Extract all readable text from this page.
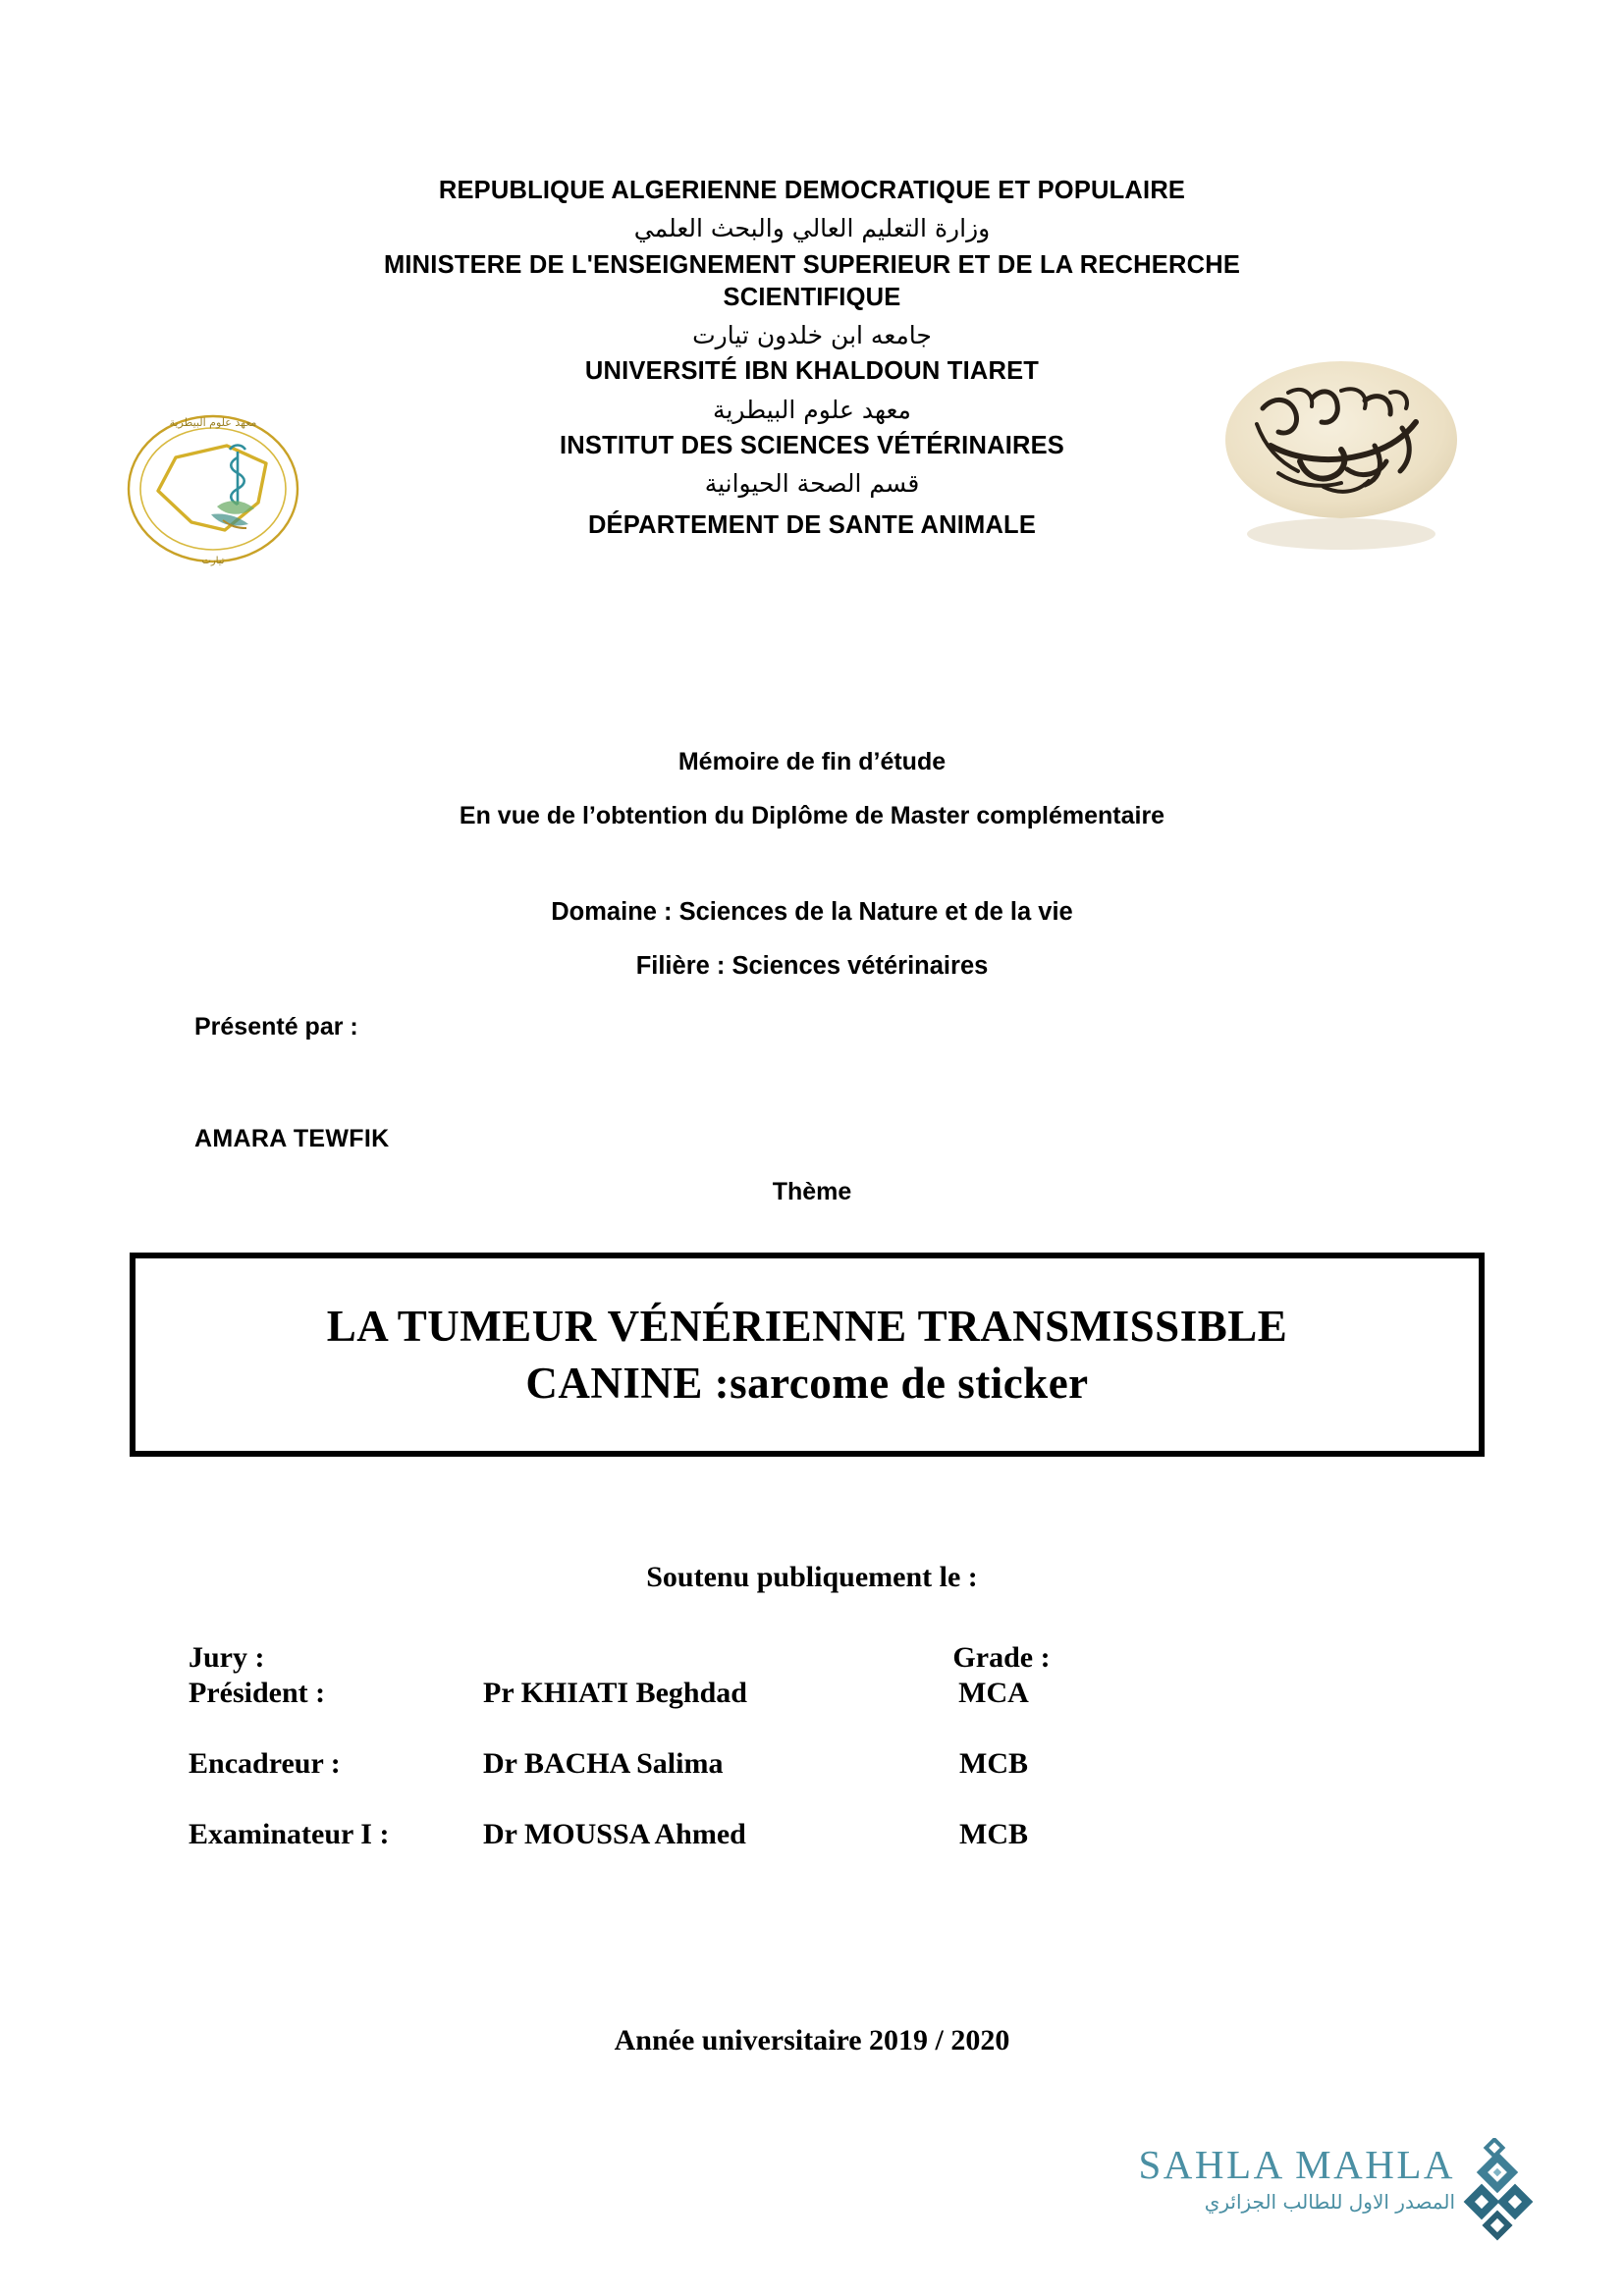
معهد علوم البيطرية
تيارت
REPUBLIQUE ALGERIENNE DEMOCRATIQUE ET POPULAIRE
وزارة التعليم العالي والبحث العلمي
MINISTERE DE L'ENSEIGNEMENT SUPERIEUR ET DE LA RECHERCHE
SCIENTIFIQUE
جامعه ابن خلدون تيارت
UNIVERSITÉ IBN KHALDOUN TIARET
معهد علوم البيطرية
INSTITUT DES SCIENCES VÉTÉRINAIRES
قسم الصحة الحيوانية
DÉPARTEMENT DE SANTE ANIMALE
Mémoire de fin d’étude
En vue de l’obtention du Diplôme de Master complémentaire
Domaine : Sciences de la Nature et de la vie
Filière : Sciences vétérinaires
Présenté par :
AMARA TEWFIK
Thème
LA TUMEUR VÉNÉRIENNE TRANSMISSIBLE
CANINE :sarcome de sticker
Soutenu publiquement le :
Jury :	Grade :
Président :	Pr KHIATI Beghdad	MCA
Encadreur :	Dr BACHA Salima	MCB
Examinateur I :	Dr MOUSSA Ahmed	MCB
Année universitaire 2019 / 2020
SAHLA MAHLA
المصدر الاول للطالب الجزائري
